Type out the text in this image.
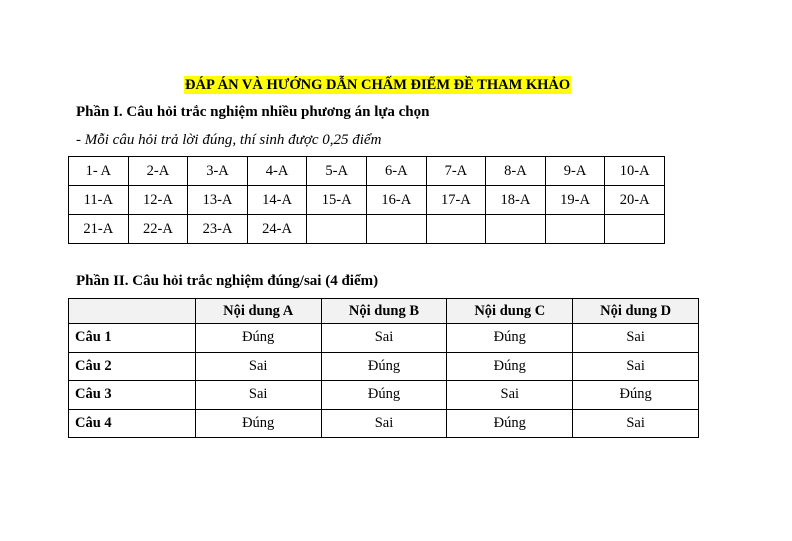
ĐÁP ÁN VÀ HƯỚNG DẪN CHẤM ĐIỂM ĐỀ THAM KHẢO
Phần I. Câu hỏi trắc nghiệm nhiều phương án lựa chọn
- Mỗi câu hỏi trả lời đúng, thí sinh được 0,25 điểm
1- A	2-A	3-A	4-A	5-A	6-A	7-A	8-A	9-A	10-A
11-A	12-A	13-A	14-A	15-A	16-A	17-A	18-A	19-A	20-A
21-A	22-A	23-A	24-A						
Phần II. Câu hỏi trắc nghiệm đúng/sai (4 điểm)
	Nội dung A	Nội dung B	Nội dung C	Nội dung D
Câu 1	Đúng	Sai	Đúng	Sai
Câu 2	Sai	Đúng	Đúng	Sai
Câu 3	Sai	Đúng	Sai	Đúng
Câu 4	Đúng	Sai	Đúng	Sai
